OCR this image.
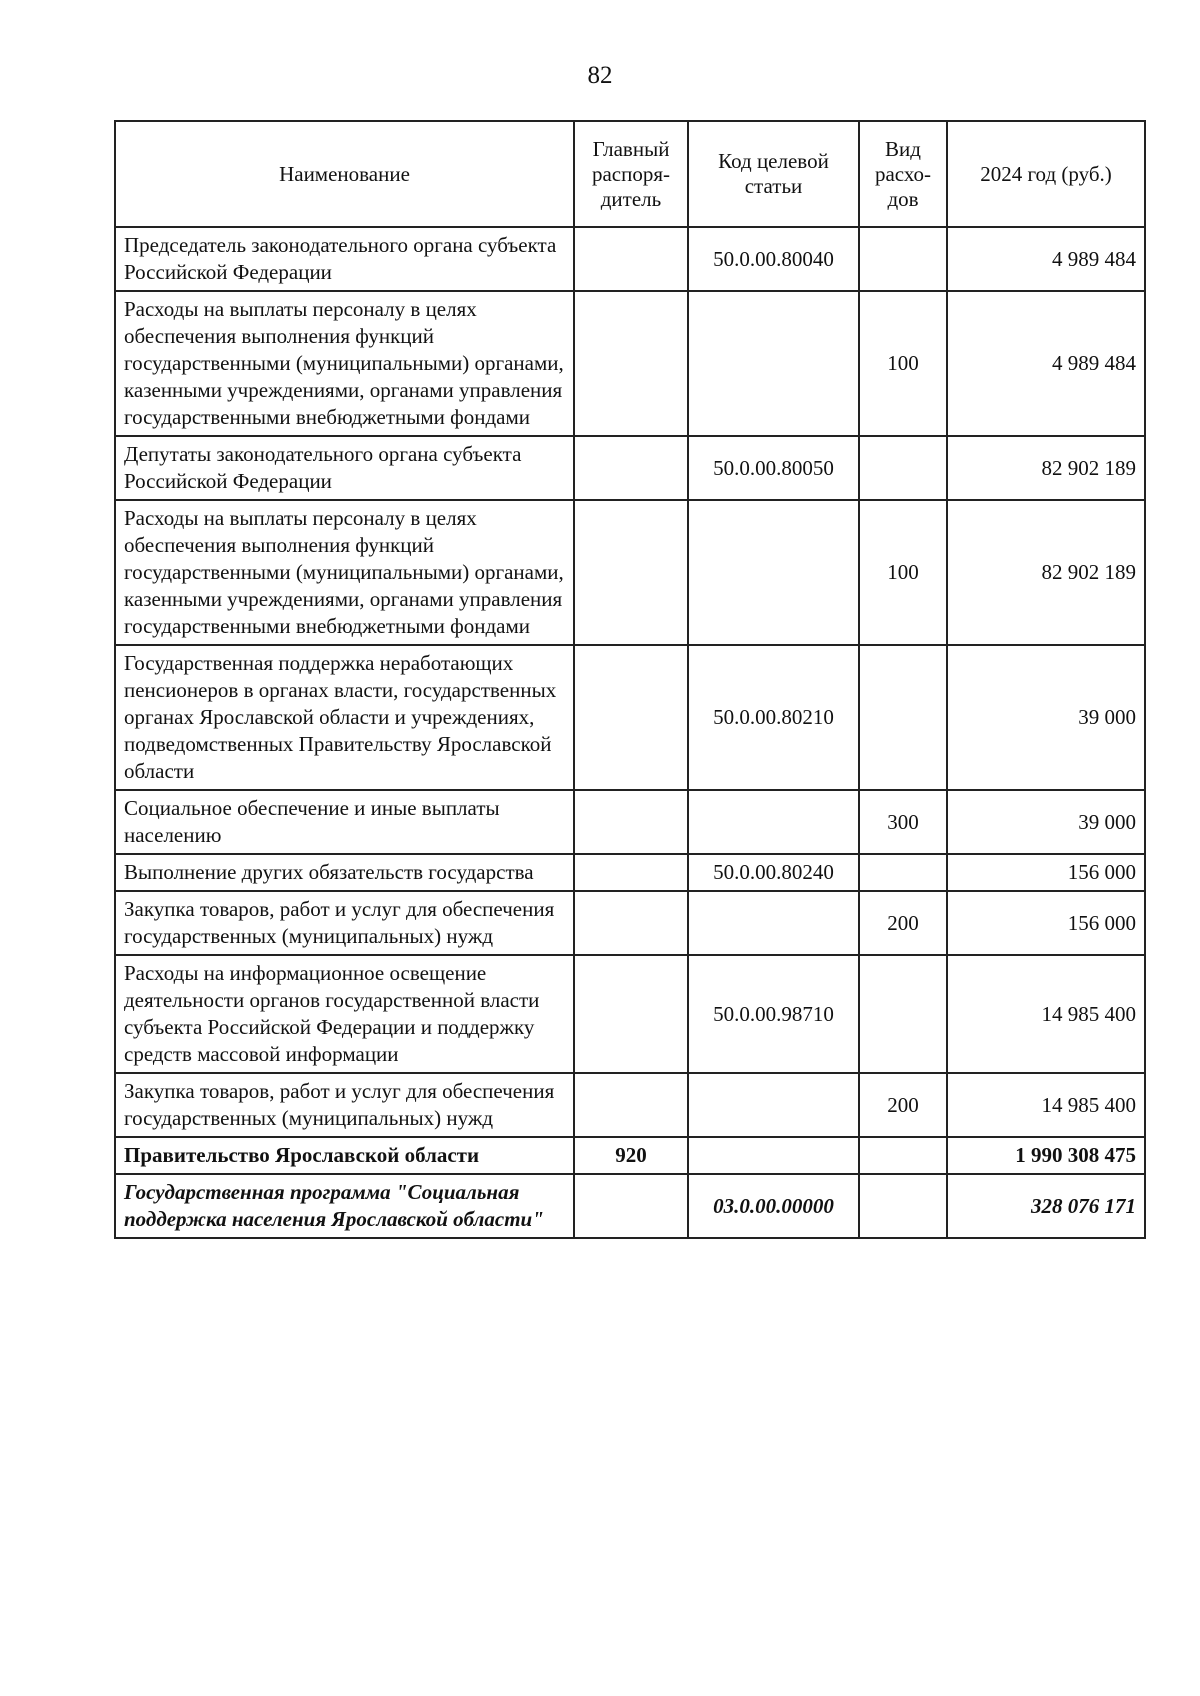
82
Наименование	Главный распоря-дитель	Код целевой статьи	Вид расхо-дов	2024 год (руб.)
Председатель законодательного органа субъекта Российской Федерации		50.0.00.80040		4 989 484
Расходы на выплаты персоналу в целях обеспечения выполнения функций государственными (муниципальными) органами, казенными учреждениями, органами управления государственными внебюджетными фондами			100	4 989 484
Депутаты законодательного органа субъекта Российской Федерации		50.0.00.80050		82 902 189
Расходы на выплаты персоналу в целях обеспечения выполнения функций государственными (муниципальными) органами, казенными учреждениями, органами управления государственными внебюджетными фондами			100	82 902 189
Государственная поддержка неработающих пенсионеров в органах власти, государственных органах Ярославской области и учреждениях, подведомственных Правительству Ярославской области		50.0.00.80210		39 000
Социальное обеспечение и иные выплаты населению			300	39 000
Выполнение других обязательств государства		50.0.00.80240		156 000
Закупка товаров, работ и услуг для обеспечения государственных (муниципальных) нужд			200	156 000
Расходы на информационное освещение деятельности органов государственной власти субъекта Российской Федерации и поддержку средств массовой информации		50.0.00.98710		14 985 400
Закупка товаров, работ и услуг для обеспечения государственных (муниципальных) нужд			200	14 985 400
Правительство Ярославской области	920			1 990 308 475
Государственная программа "Социальная поддержка населения Ярославской области"		03.0.00.00000		328 076 171
